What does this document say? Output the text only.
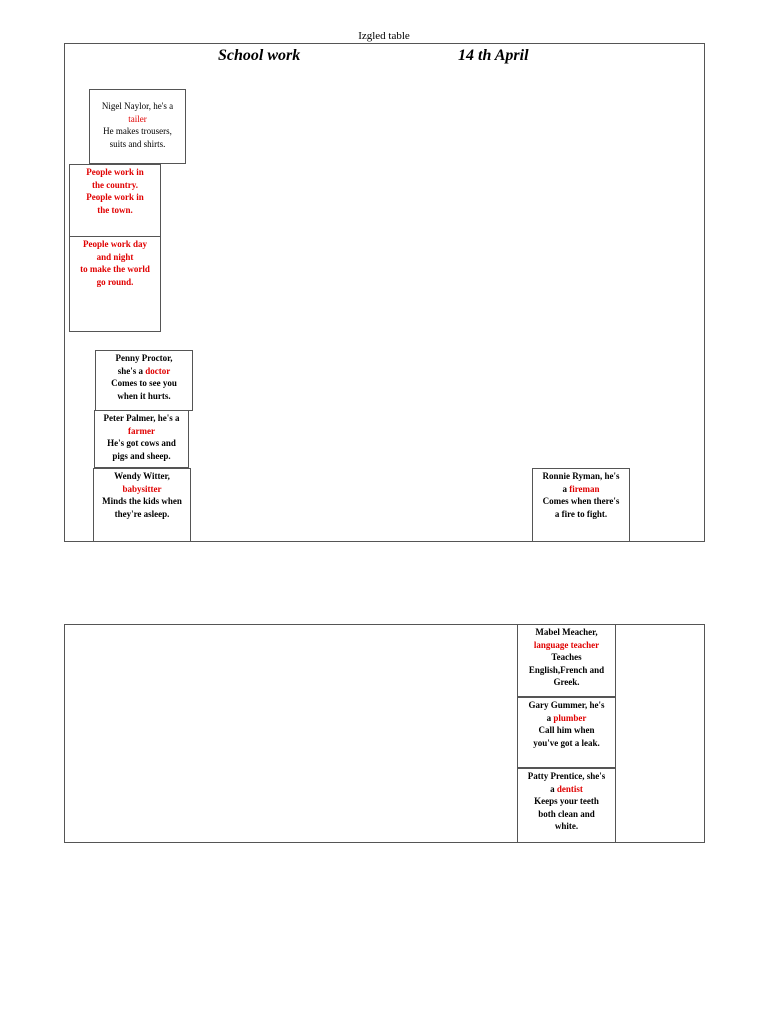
Izgled table
School work	14 th April
Nigel Naylor, he's a
tailer
He makes trousers,
suits and shirts.
People work in
the country.
People work in
the town.
People work day
and night
to make the world
go round.
Penny Proctor,
she's a doctor
Comes to see you
when it hurts.
Peter Palmer, he's a
farmer
He's got cows and
pigs and sheep.
Wendy Witter,
babysitter
Minds the kids when
they're asleep.
Ronnie Ryman, he's
a fireman
Comes when there's
a fire to fight.
Mabel Meacher,
language teacher
Teaches
English,French and
Greek.
Gary Gummer, he's
a plumber
Call him when
you've got a leak.
Patty Prentice, she's
a dentist
Keeps your teeth
both clean and
white.
